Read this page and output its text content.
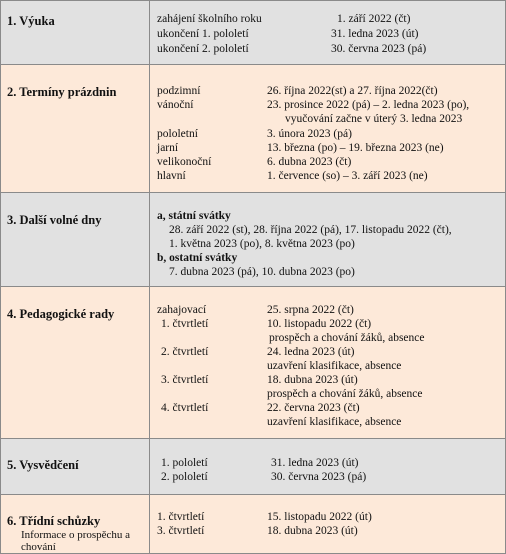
1. Výuka	zahájení školního roku	1. září 2022 (čt)
ukončení 1. pololetí	31. ledna 2023 (út)
ukončení 2. pololetí	30. června 2023 (pá)
2. Termíny prázdnin	podzimní	26. října 2022(st) a 27. října 2022(čt)
vánoční	23. prosince 2022 (pá) – 2. ledna 2023 (po),
vyučování začne v úterý 3. ledna 2023
pololetní	3. února 2023 (pá)
jarní	13. března (po) – 19. března 2023 (ne)
velikonoční	6. dubna 2023 (čt)
hlavní	1. července (so) – 3. září 2023 (ne)
3. Další volné dny	a, státní svátky
28. září 2022 (st), 28. října 2022 (pá), 17. listopadu 2022 (čt),
1. května 2023 (po), 8. května 2023 (po)
b, ostatní svátky
7. dubna 2023 (pá), 10. dubna 2023 (po)
4. Pedagogické rady	zahajovací	25. srpna 2022 (čt)
1. čtvrtletí	10. listopadu 2022 (čt)
prospěch a chování žáků, absence
2. čtvrtletí	24. ledna 2023 (út)
uzavření klasifikace, absence
3. čtvrtletí	18. dubna 2023 (út)
prospěch a chování žáků, absence
4. čtvrtletí	22. června 2023 (čt)
uzavření klasifikace, absence
5. Vysvědčení	1. pololetí	31. ledna 2023 (út)
2. pololetí	30. června 2023 (pá)
6. Třídní schůzky
Informace o prospěchu a
chování
1. čtvrtletí	15. listopadu 2022 (út)
3. čtvrtletí	18. dubna 2023 (út)
